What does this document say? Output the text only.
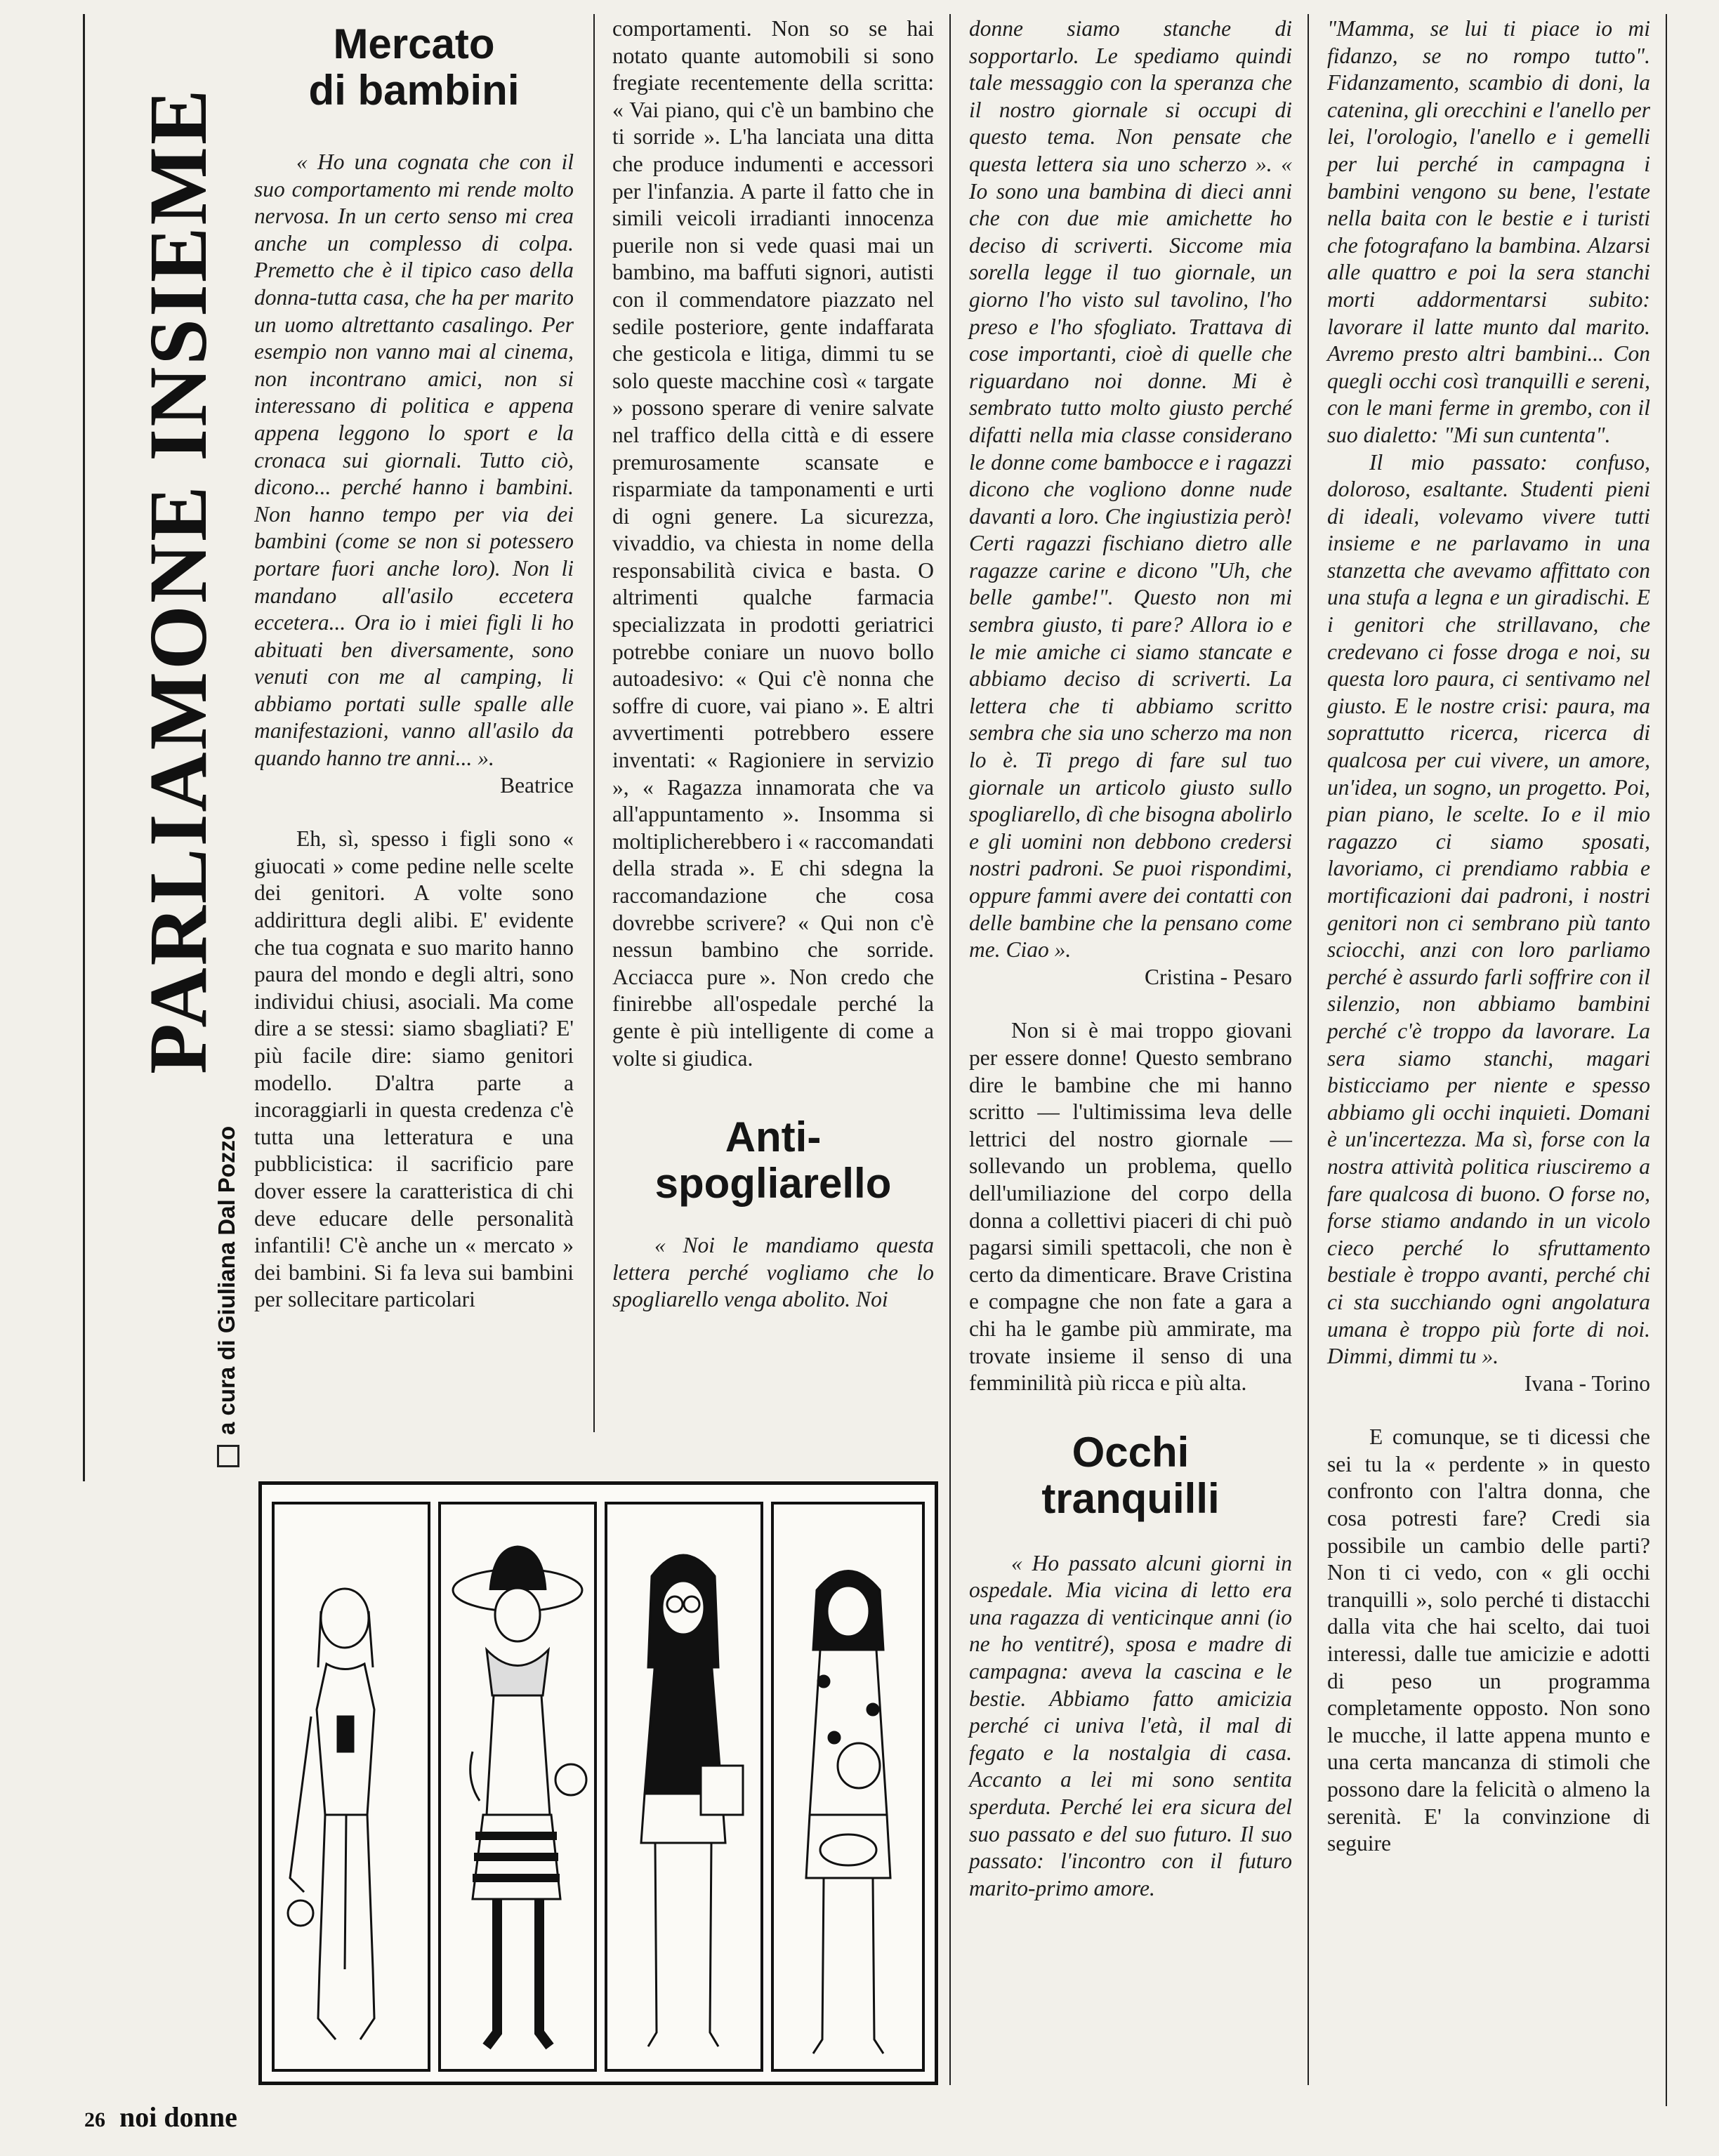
PARLIAMONE INSIEME
a cura di Giuliana Dal Pozzo
Mercato
di bambini

« Ho una cognata che con il suo comportamento mi rende molto nervosa. In un certo senso mi crea anche un complesso di colpa. Premetto che è il tipico caso della donna-tutta casa, che ha per marito un uomo altrettanto casalingo. Per esempio non vanno mai al cinema, non incontrano amici, non si interessano di politica e appena appena leggono lo sport e la cronaca sui giornali. Tutto ciò, dicono... perché hanno i bambini. Non hanno tempo per via dei bambini (come se non si potessero portare fuori anche loro). Non li mandano all'asilo eccetera eccetera... Ora io i miei figli li ho abituati ben diversamente, sono venuti con me al camping, li abbiamo portati sulle spalle alle manifestazioni, vanno all'asilo da quando hanno tre anni... ».

Beatrice

Eh, sì, spesso i figli sono « giuocati » come pedine nelle scelte dei genitori. A volte sono addirittura degli alibi. E' evidente che tua cognata e suo marito hanno paura del mondo e degli altri, sono individui chiusi, asociali. Ma come dire a se stessi: siamo sbagliati? E' più facile dire: siamo genitori modello. D'altra parte a incoraggiarli in questa credenza c'è tutta una letteratura e una pubblicistica: il sacrificio pare dover essere la caratteristica di chi deve educare delle personalità infantili! C'è anche un « mercato » dei bambini. Si fa leva sui bambini per sollecitare particolari

comportamenti. Non so se hai notato quante automobili si sono fregiate recentemente della scritta: « Vai piano, qui c'è un bambino che ti sorride ». L'ha lanciata una ditta che produce indumenti e accessori per l'infanzia. A parte il fatto che in simili veicoli irradianti innocenza puerile non si vede quasi mai un bambino, ma baffuti signori, autisti con il commendatore piazzato nel sedile posteriore, gente indaffarata che gesticola e litiga, dimmi tu se solo queste macchine così « targate » possono sperare di venire salvate nel traffico della città e di essere premurosamente scansate e risparmiate da tamponamenti e urti di ogni genere. La sicurezza, vivaddio, va chiesta in nome della responsabilità civica e basta. O altrimenti qualche farmacia specializzata in prodotti geriatrici potrebbe coniare un nuovo bollo autoadesivo: « Qui c'è nonna che soffre di cuore, vai piano ». E altri avvertimenti potrebbero essere inventati: « Ragioniere in servizio », « Ragazza innamorata che va all'appuntamento ». Insomma si moltiplicherebbero i « raccomandati della strada ». E chi sdegna la raccomandazione che cosa dovrebbe scrivere? « Qui non c'è nessun bambino che sorride. Acciacca pure ». Non credo che finirebbe all'ospedale perché la gente è più intelligente di come a volte si giudica.

Anti-
spogliarello

« Noi le mandiamo questa lettera perché vogliamo che lo spogliarello venga abolito. Noi

donne siamo stanche di sopportarlo. Le spediamo quindi tale messaggio con la speranza che il nostro giornale si occupi di questo tema. Non pensate che questa lettera sia uno scherzo ». « Io sono una bambina di dieci anni che con due mie amichette ho deciso di scriverti. Siccome mia sorella legge il tuo giornale, un giorno l'ho visto sul tavolino, l'ho preso e l'ho sfogliato. Trattava di cose importanti, cioè di quelle che riguardano noi donne. Mi è sembrato tutto molto giusto perché difatti nella mia classe considerano le donne come bambocce e i ragazzi dicono che vogliono donne nude davanti a loro. Che ingiustizia però! Certi ragazzi fischiano dietro alle ragazze carine e dicono "Uh, che belle gambe!". Questo non mi sembra giusto, ti pare? Allora io e le mie amiche ci siamo stancate e abbiamo deciso di scriverti. La lettera che ti abbiamo scritto sembra che sia uno scherzo ma non lo è. Ti prego di fare sul tuo giornale un articolo giusto sullo spogliarello, dì che bisogna abolirlo e gli uomini non debbono credersi nostri padroni. Se puoi rispondimi, oppure fammi avere dei contatti con delle bambine che la pensano come me. Ciao ».

Cristina - Pesaro

Non si è mai troppo giovani per essere donne! Questo sembrano dire le bambine che mi hanno scritto — l'ultimissima leva delle lettrici del nostro giornale — sollevando un problema, quello dell'umiliazione del corpo della donna a collettivi piaceri di chi può pagarsi simili spettacoli, che non è certo da dimenticare. Brave Cristina e compagne che non fate a gara a chi ha le gambe più ammirate, ma trovate insieme il senso di una femminilità più ricca e più alta.

Occhi
tranquilli

« Ho passato alcuni giorni in ospedale. Mia vicina di letto era una ragazza di venticinque anni (io ne ho ventitré), sposa e madre di campagna: aveva la cascina e le bestie. Abbiamo fatto amicizia perché ci univa l'età, il mal di fegato e la nostalgia di casa. Accanto a lei mi sono sentita sperduta. Perché lei era sicura del suo passato e del suo futuro. Il suo passato: l'incontro con il futuro marito-primo amore.

"Mamma, se lui ti piace io mi fidanzo, se no rompo tutto". Fidanzamento, scambio di doni, la catenina, gli orecchini e l'anello per lei, l'orologio, l'anello e i gemelli per lui perché in campagna i bambini vengono su bene, l'estate nella baita con le bestie e i turisti che fotografano la bambina. Alzarsi alle quattro e poi la sera stanchi morti addormentarsi subito: lavorare il latte munto dal marito. Avremo presto altri bambini... Con quegli occhi così tranquilli e sereni, con le mani ferme in grembo, con il suo dialetto: "Mi sun cuntenta".

Il mio passato: confuso, doloroso, esaltante. Studenti pieni di ideali, volevamo vivere tutti insieme e ne parlavamo in una stanzetta che avevamo affittato con una stufa a legna e un giradischi. E i genitori che strillavano, che credevano ci fosse droga e noi, su questa loro paura, ci sentivamo nel giusto. E le nostre crisi: paura, ma soprattutto ricerca, ricerca di qualcosa per cui vivere, un amore, un'idea, un sogno, un progetto. Poi, pian piano, le scelte. Io e il mio ragazzo ci siamo sposati, lavoriamo, ci prendiamo rabbia e mortificazioni dai padroni, i nostri genitori non ci sembrano più tanto sciocchi, anzi con loro parliamo perché è assurdo farli soffrire con il silenzio, non abbiamo bambini perché c'è troppo da lavorare. La sera siamo stanchi, magari bisticciamo per niente e spesso abbiamo gli occhi inquieti. Domani è un'incertezza. Ma sì, forse con la nostra attività politica riusciremo a fare qualcosa di buono. O forse no, forse stiamo andando in un vicolo cieco perché lo sfruttamento bestiale è troppo avanti, perché chi ci sta succhiando ogni angolatura umana è troppo più forte di noi. Dimmi, dimmi tu ».

Ivana - Torino

E comunque, se ti dicessi che sei tu la « perdente » in questo confronto con l'altra donna, che cosa potresti fare? Credi sia possibile un cambio delle parti? Non ti ci vedo, con « gli occhi tranquilli », solo perché ti distacchi dalla vita che hai scelto, dai tuoi interessi, dalle tue amicizie e adotti di peso un programma completamente opposto. Non sono le mucche, il latte appena munto e una certa mancanza di stimoli che possono dare la felicità o almeno la serenità. E' la convinzione di seguire

26 noi donne
